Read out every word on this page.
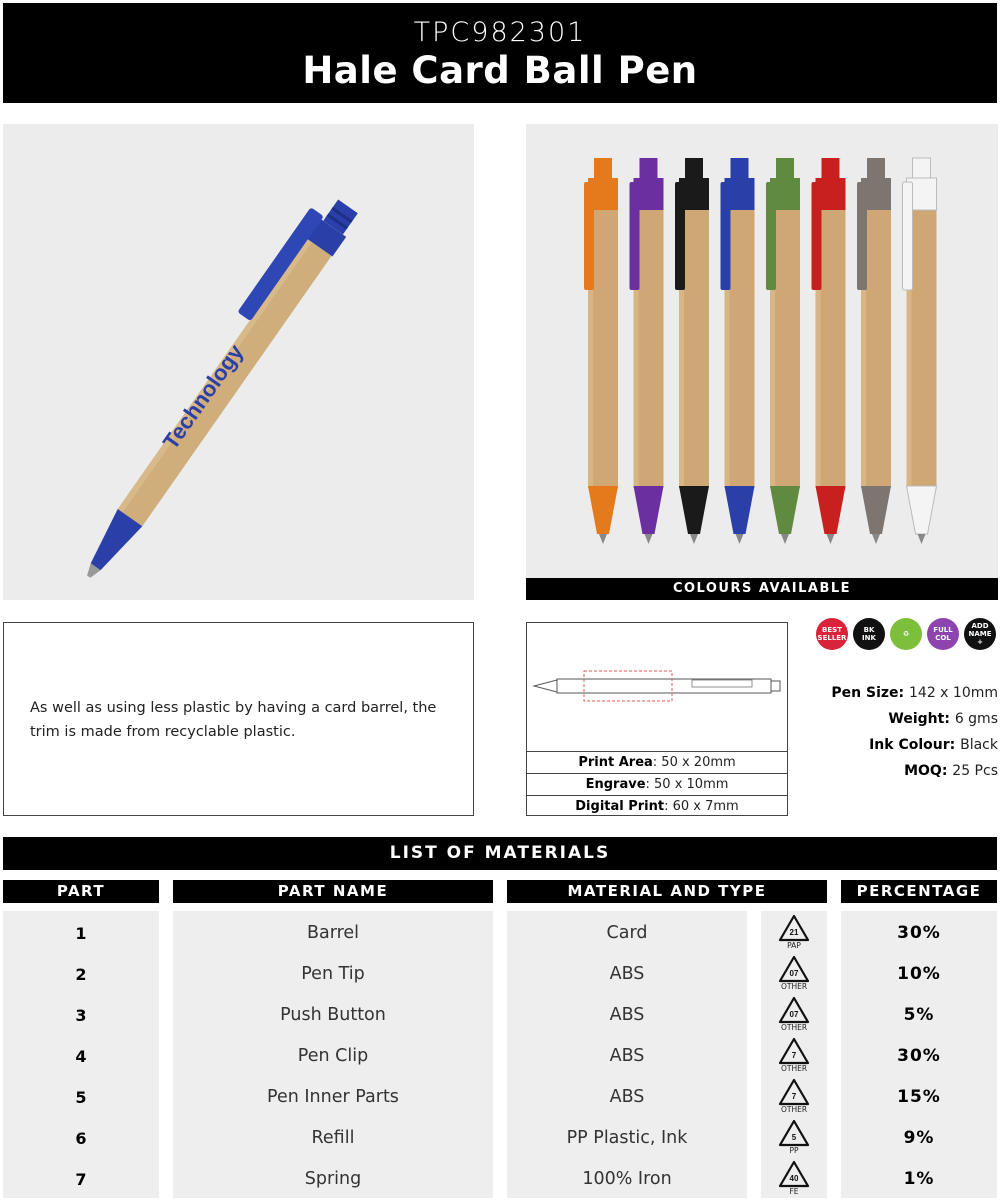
TPC982301
Hale Card Ball Pen
Technology
COLOURS AVAILABLE
As well as using less plastic by having a card barrel, the trim is made from recyclable plastic.
Print Area: 50 x 20mm
Engrave: 50 x 10mm
Digital Print: 60 x 7mm
BEST
SELLER
BK
INK	♻	FULL
COL
ADD
NAME
+
Pen Size: 142 x 10mm
Weight: 6 gms
Ink Colour: Black
MOQ: 25 Pcs
LIST OF MATERIALS
PART	PART NAME	MATERIAL AND TYPE	PERCENTAGE
1	Barrel	Card	30%
21
PAP
2	Pen Tip	ABS	10%
07
OTHER
3	Push Button	ABS	5%
07
OTHER
4	Pen Clip	ABS	30%
7
OTHER
5	Pen Inner Parts	ABS	15%
7
OTHER
6	Refill	PP Plastic, Ink	9%
5
PP
7	Spring	100% Iron	1%
40
FE
